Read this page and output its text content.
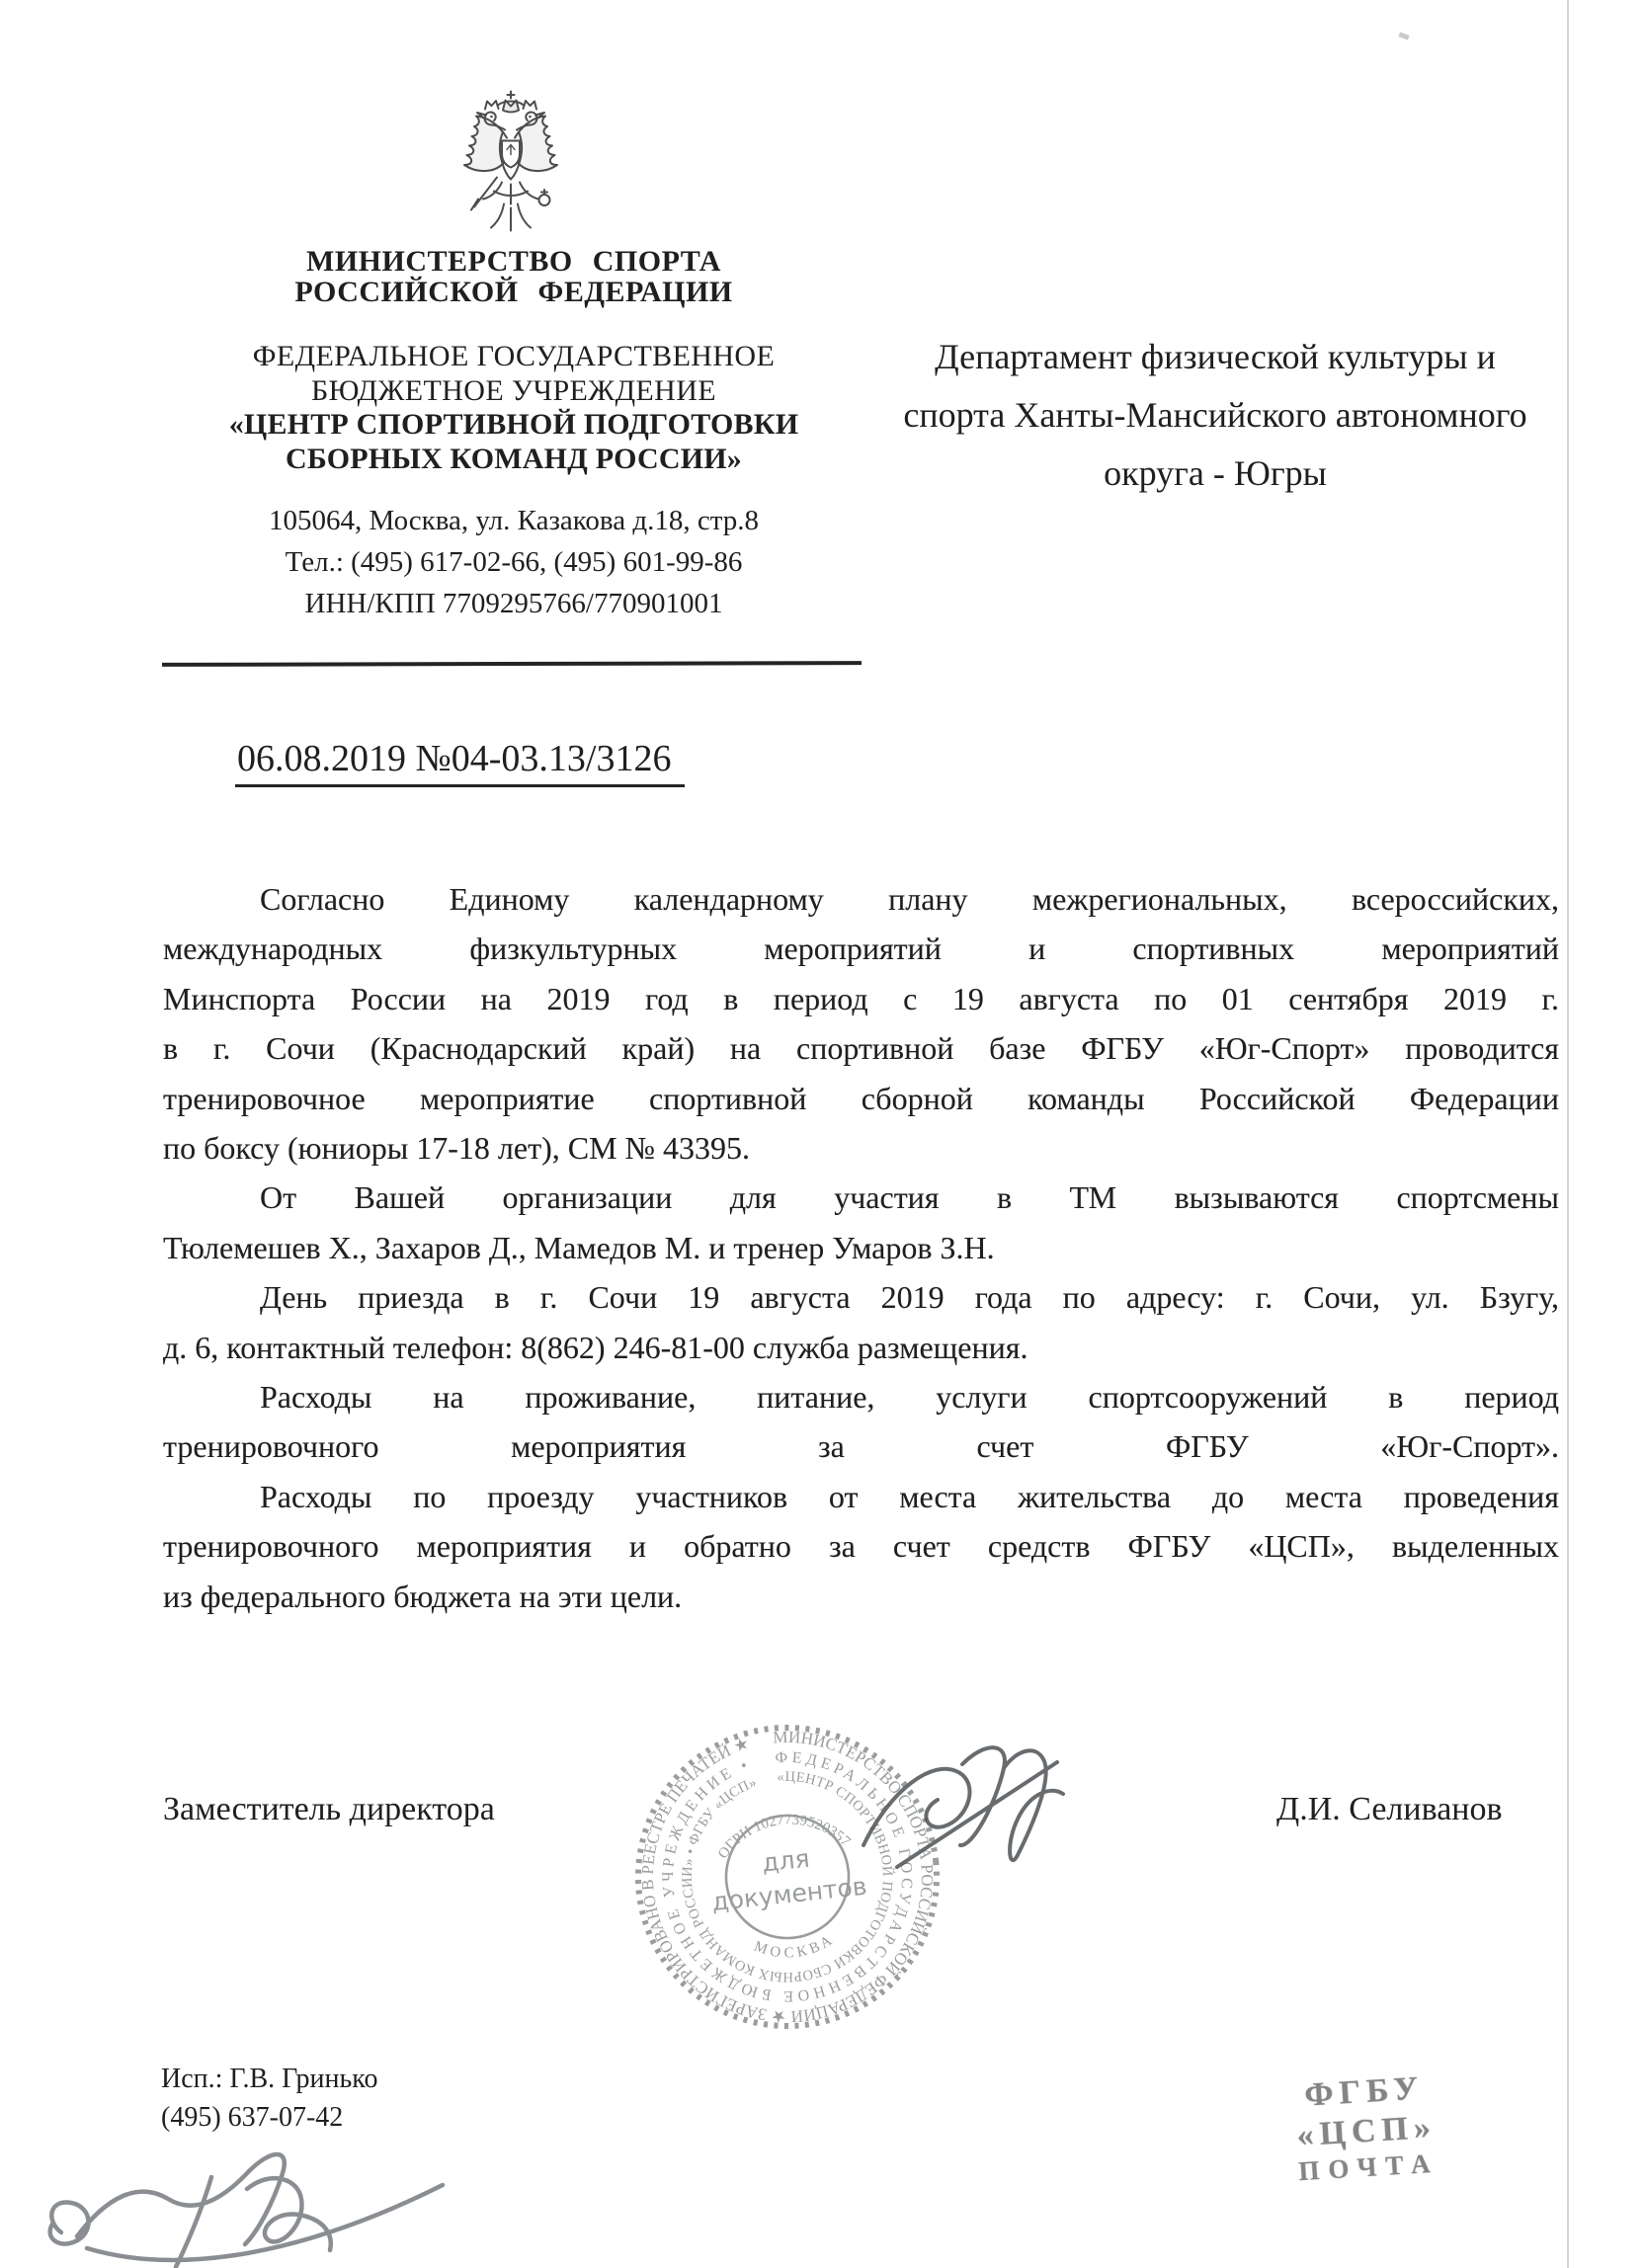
МИНИСТЕРСТВО СПОРТА
РОССИЙСКОЙ ФЕДЕРАЦИИ
ФЕДЕРАЛЬНОЕ ГОСУДАРСТВЕННОЕ
БЮДЖЕТНОЕ УЧРЕЖДЕНИЕ
«ЦЕНТР СПОРТИВНОЙ ПОДГОТОВКИ
СБОРНЫХ КОМАНД РОССИИ»
105064, Москва, ул. Казакова д.18, стр.8
Тел.: (495) 617-02-66, (495) 601-99-86
ИНН/КПП 7709295766/770901001
Департамент физической культуры и
спорта Ханты-Мансийского автономного
округа - Югры
06.08.2019 №04-03.13/3126
Согласно Единому календарному плану межрегиональных, всероссийских,
международных физкультурных мероприятий и спортивных мероприятий
Минспорта России на 2019 год в период с 19 августа по 01 сентября 2019 г.
в г. Сочи (Краснодарский край) на спортивной базе ФГБУ «Юг-Спорт» проводится
тренировочное мероприятие спортивной сборной команды Российской Федерации
по боксу (юниоры 17-18 лет), СМ № 43395.
От Вашей организации для участия в ТМ вызываются спортсмены
Тюлемешев Х., Захаров Д., Мамедов М. и тренер Умаров З.Н.
День приезда в г. Сочи 19 августа 2019 года по адресу: г. Сочи, ул. Бзугу,
д. 6, контактный телефон: 8(862) 246-81-00 служба размещения.
Расходы на проживание, питание, услуги спортсооружений в период
тренировочного мероприятия за счет ФГБУ «Юг-Спорт».
Расходы по проезду участников от места жительства до места проведения
тренировочного мероприятия и обратно за счет средств ФГБУ «ЦСП», выделенных
из федерального бюджета на эти цели.
Заместитель директора	Д.И. Селиванов
МИНИСТЕРСТВО СПОРТА РОССИЙСКОЙ ФЕДЕРАЦИИ ★ ЗАРЕГИСТРИРОВАНО В РЕЕСТРЕ ПЕЧАТЕЙ ★
ФЕДЕРАЛЬНОЕ ГОСУДАРСТВЕННОЕ БЮДЖЕТНОЕ УЧРЕЖДЕНИЕ •
«ЦЕНТР СПОРТИВНОЙ ПОДГОТОВКИ СБОРНЫХ КОМАНД РОССИИ» • ФГБУ «ЦСП»
ОГРН 1027739520357
МОСКВА
для
документов
Исп.: Г.В. Гринько
(495) 637-07-42
ФГБУ «ЦСП»
ПОЧТА
